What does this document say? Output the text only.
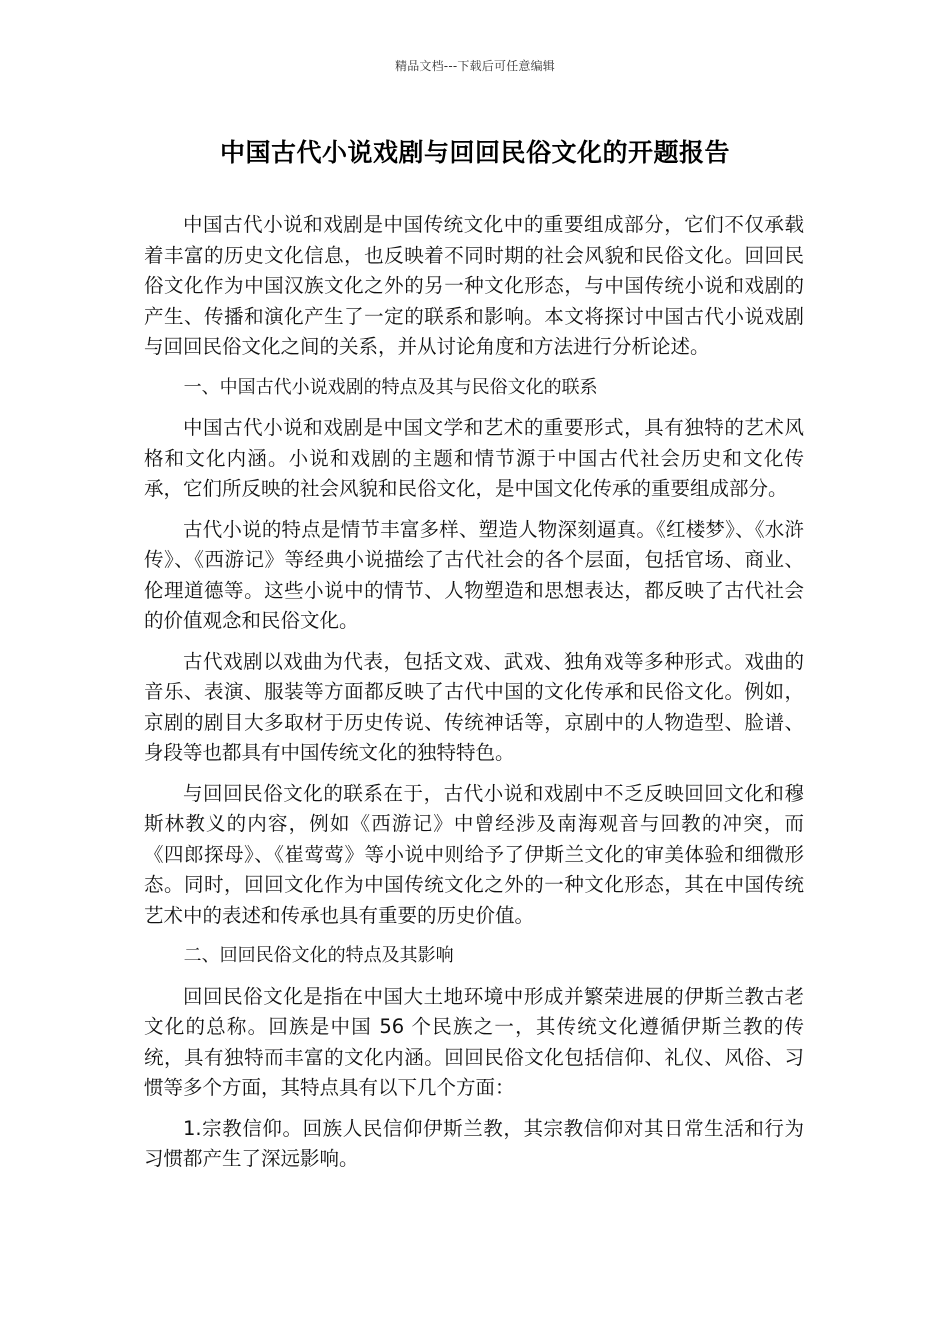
精品文档---下载后可任意编辑
中国古代小说戏剧与回回民俗文化的开题报告

中国古代小说和戏剧是中国传统文化中的重要组成部分，它们不仅承载着丰富的历史文化信息，也反映着不同时期的社会风貌和民俗文化。回回民俗文化作为中国汉族文化之外的另一种文化形态，与中国传统小说和戏剧的产生、传播和演化产生了一定的联系和影响。本文将探讨中国古代小说戏剧与回回民俗文化之间的关系，并从讨论角度和方法进行分析论述。

一、中国古代小说戏剧的特点及其与民俗文化的联系

中国古代小说和戏剧是中国文学和艺术的重要形式，具有独特的艺术风格和文化内涵。小说和戏剧的主题和情节源于中国古代社会历史和文化传承，它们所反映的社会风貌和民俗文化，是中国文化传承的重要组成部分。

古代小说的特点是情节丰富多样、塑造人物深刻逼真。《红楼梦》、《水浒传》、《西游记》等经典小说描绘了古代社会的各个层面，包括官场、商业、伦理道德等。这些小说中的情节、人物塑造和思想表达，都反映了古代社会的价值观念和民俗文化。

古代戏剧以戏曲为代表，包括文戏、武戏、独角戏等多种形式。戏曲的音乐、表演、服装等方面都反映了古代中国的文化传承和民俗文化。例如，京剧的剧目大多取材于历史传说、传统神话等，京剧中的人物造型、脸谱、身段等也都具有中国传统文化的独特特色。

与回回民俗文化的联系在于，古代小说和戏剧中不乏反映回回文化和穆斯林教义的内容，例如《西游记》中曾经涉及南海观音与回教的冲突，而《四郎探母》、《崔莺莺》等小说中则给予了伊斯兰文化的审美体验和细微形态。同时，回回文化作为中国传统文化之外的一种文化形态，其在中国传统艺术中的表述和传承也具有重要的历史价值。

二、回回民俗文化的特点及其影响

回回民俗文化是指在中国大土地环境中形成并繁荣进展的伊斯兰教古老文化的总称。回族是中国 56 个民族之一，其传统文化遵循伊斯兰教的传统，具有独特而丰富的文化内涵。回回民俗文化包括信仰、礼仪、风俗、习惯等多个方面，其特点具有以下几个方面：

1.宗教信仰。回族人民信仰伊斯兰教，其宗教信仰对其日常生活和行为习惯都产生了深远影响。
